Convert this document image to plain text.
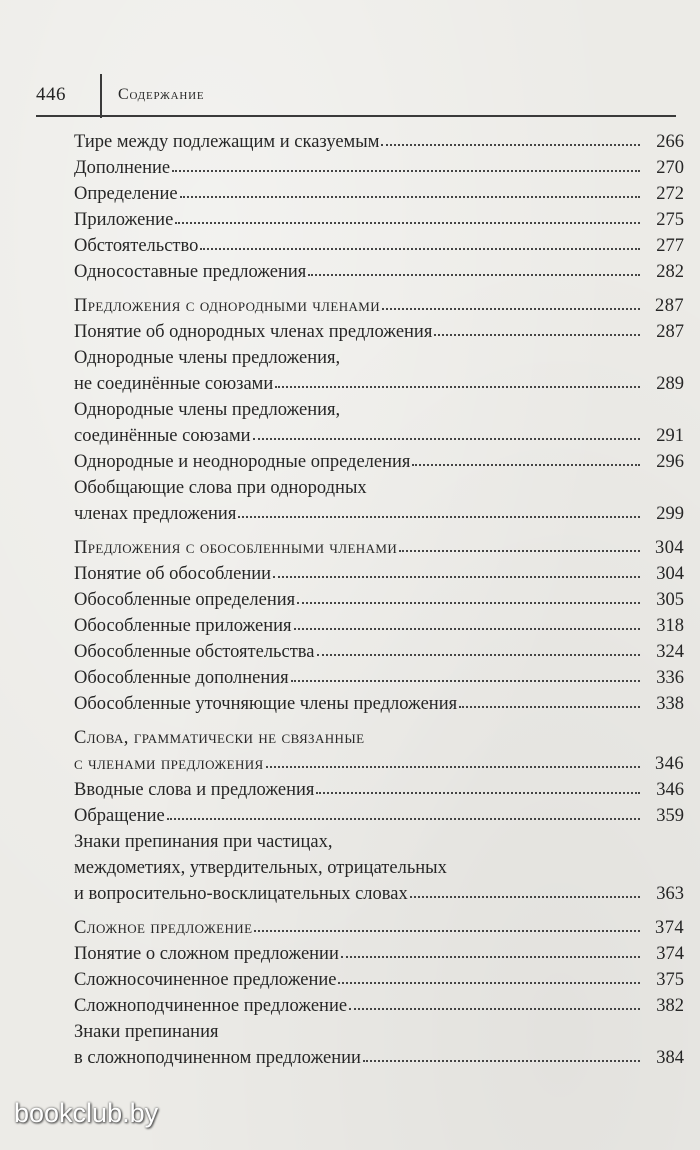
446	Содержание
Тире между подлежащим и сказуемым	266
Дополнение	270
Определение	272
Приложение	275
Обстоятельство	277
Односоставные предложения	282
Предложения с однородными членами	287
Понятие об однородных членах предложения	287
Однородные члены предложения,
не соединённые союзами	289
Однородные члены предложения,
соединённые союзами	291
Однородные и неоднородные определения	296
Обобщающие слова при однородных
членах предложения	299
Предложения с обособленными членами	304
Понятие об обособлении	304
Обособленные определения	305
Обособленные приложения	318
Обособленные обстоятельства	324
Обособленные дополнения	336
Обособленные уточняющие члены предложения	338
Слова, грамматически не связанные
с членами предложения	346
Вводные слова и предложения	346
Обращение	359
Знаки препинания при частицах,
междометиях, утвердительных, отрицательных
и вопросительно-восклицательных словах	363
Сложное предложение	374
Понятие о сложном предложении	374
Сложносочиненное предложение	375
Сложноподчиненное предложение	382
Знаки препинания
в сложноподчиненном предложении	384
bookclub.by
